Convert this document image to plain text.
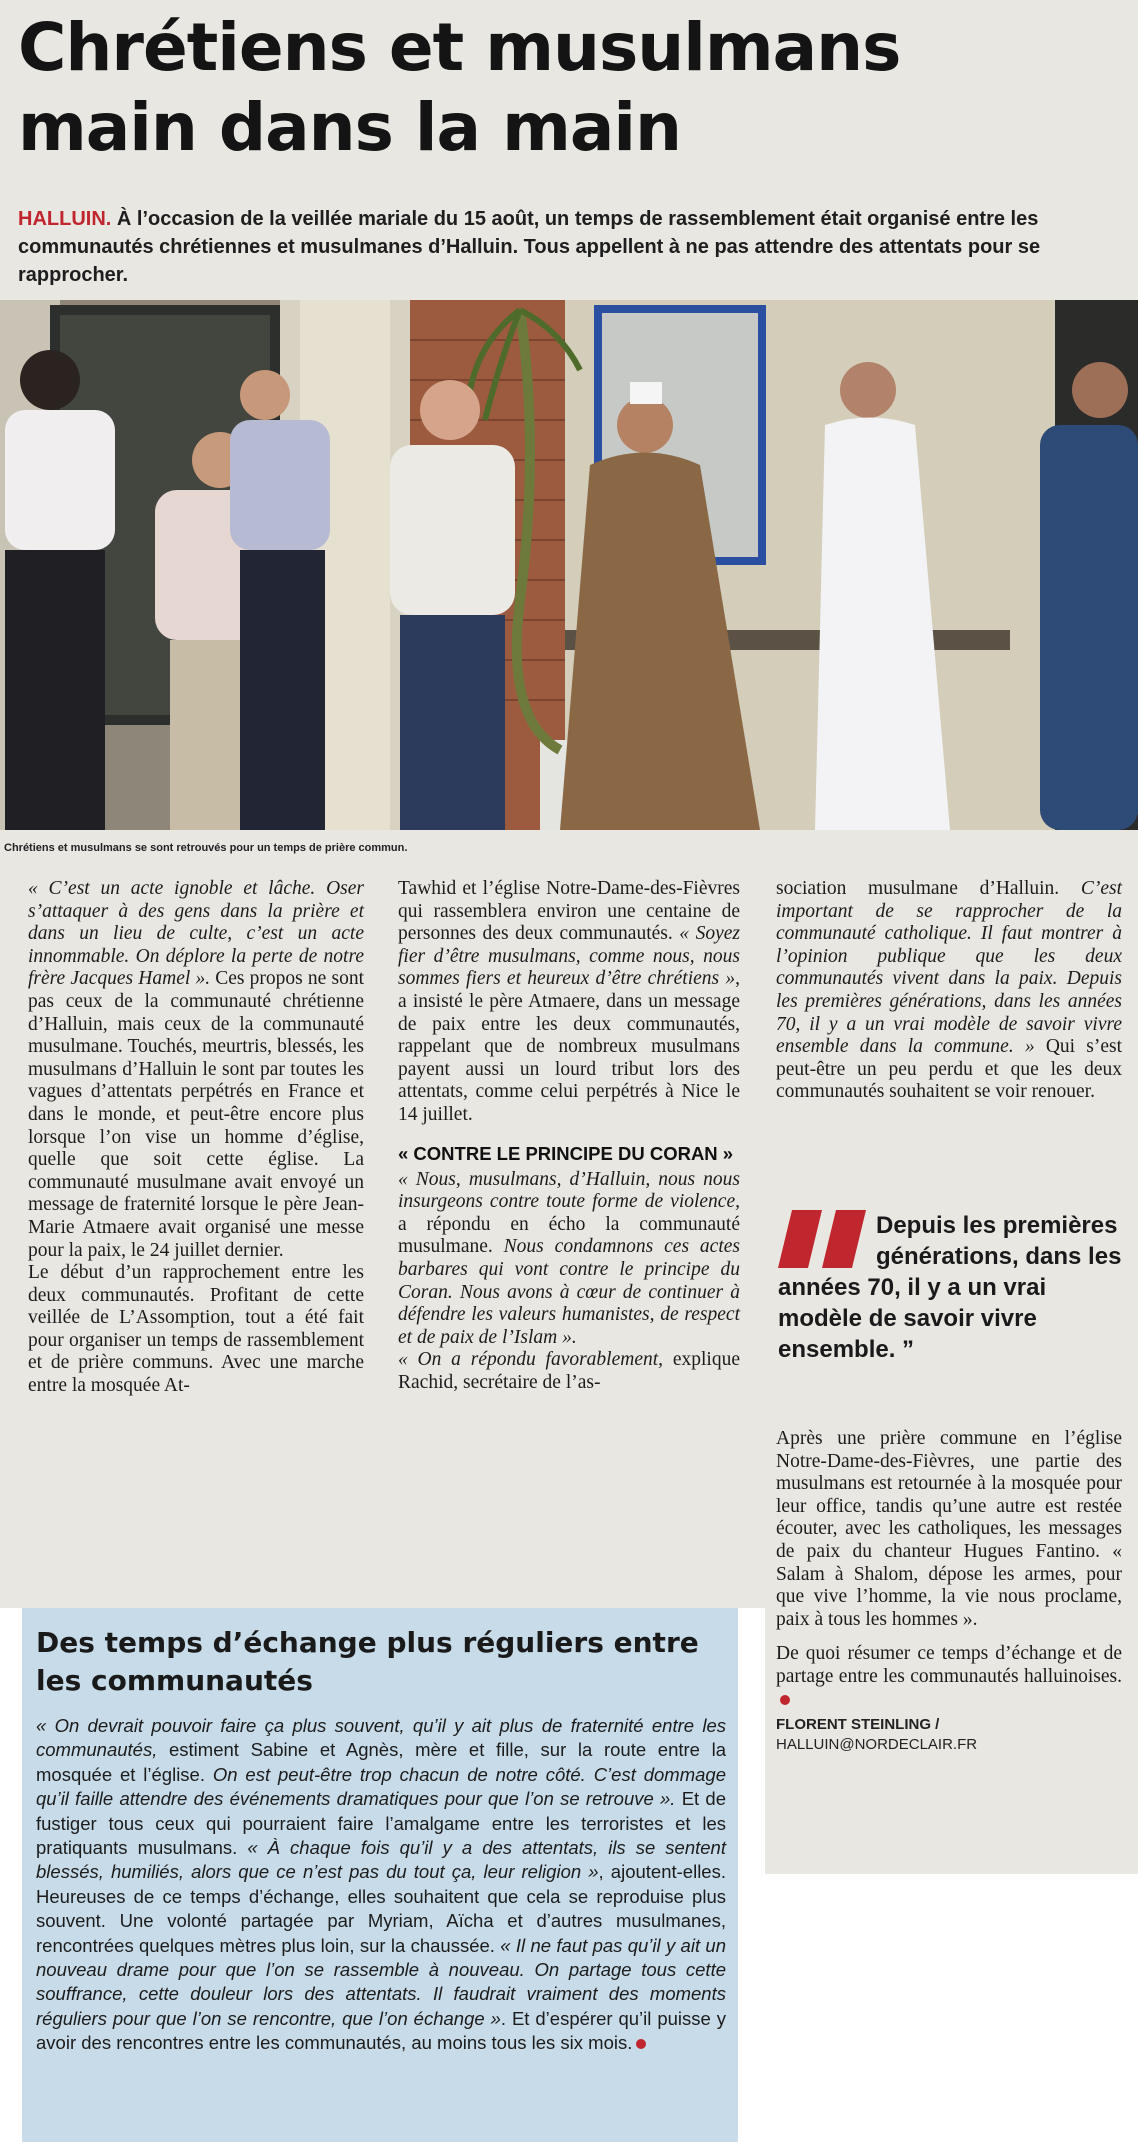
Chrétiens et musulmans
main dans la main
HALLUIN. À l’occasion de la veillée mariale du 15 août, un temps de rassemblement était organisé entre les communautés chrétiennes et musulmanes d’Halluin. Tous appellent à ne pas attendre des attentats pour se rapprocher.
Chrétiens et musulmans se sont retrouvés pour un temps de prière commun.

« C’est un acte ignoble et lâche. Oser s’attaquer à des gens dans la prière et dans un lieu de culte, c’est un acte innommable. On déplore la perte de notre frère Jacques Hamel ». Ces propos ne sont pas ceux de la communauté chrétienne d’Halluin, mais ceux de la communauté musulmane. Touchés, meurtris, blessés, les musulmans d’Halluin le sont par toutes les vagues d’attentats perpétrés en France et dans le monde, et peut-être encore plus lorsque l’on vise un homme d’église, quelle que soit cette église. La communauté musulmane avait envoyé un message de fraternité lorsque le père Jean-Marie Atmaere avait organisé une messe pour la paix, le 24 juillet dernier.

Le début d’un rapprochement entre les deux communautés. Profitant de cette veillée de L’Assomption, tout a été fait pour organiser un temps de rassemblement et de prière communs. Avec une marche entre la mosquée At-

Tawhid et l’église Notre-Dame-des-Fièvres qui rassemblera environ une centaine de personnes des deux communautés. « Soyez fier d’être musulmans, comme nous, nous sommes fiers et heureux d’être chrétiens », a insisté le père Atmaere, dans un message de paix entre les deux communautés, rappelant que de nombreux musulmans payent aussi un lourd tribut lors des attentats, comme celui perpétrés à Nice le 14 juillet.

« CONTRE LE PRINCIPE DU CORAN »

« Nous, musulmans, d’Halluin, nous nous insurgeons contre toute forme de violence, a répondu en écho la communauté musulmane. Nous condamnons ces actes barbares qui vont contre le principe du Coran. Nous avons à cœur de continuer à défendre les valeurs humanistes, de respect et de paix de l’Islam ».

« On a répondu favorablement, explique Rachid, secrétaire de l’as-

sociation musulmane d’Halluin. C’est important de se rapprocher de la communauté catholique. Il faut montrer à l’opinion publique que les deux communautés vivent dans la paix. Depuis les premières générations, dans les années 70, il y a un vrai modèle de savoir vivre ensemble dans la commune. » Qui s’est peut-être un peu perdu et que les deux communautés souhaitent se voir renouer.

Depuis les premières générations, dans les années 70, il y a un vrai modèle de savoir vivre ensemble. ”

Après une prière commune en l’église Notre-Dame-des-Fièvres, une partie des musulmans est retournée à la mosquée pour leur office, tandis qu’une autre est restée écouter, avec les catholiques, les messages de paix du chanteur Hugues Fantino. « Salam à Shalom, dépose les armes, pour que vive l’homme, la vie nous proclame, paix à tous les hommes ».

De quoi résumer ce temps d’échange et de partage entre les communautés halluinoises.

FLORENT STEINLING /
HALLUIN@NORDECLAIR.FR
Des temps d’échange plus réguliers entre les communautés
« On devrait pouvoir faire ça plus souvent, qu’il y ait plus de fraternité entre les communautés, estiment Sabine et Agnès, mère et fille, sur la route entre la mosquée et l’église. On est peut-être trop chacun de notre côté. C’est dommage qu’il faille attendre des événements dramatiques pour que l’on se retrouve ». Et de fustiger tous ceux qui pourraient faire l’amalgame entre les terroristes et les pratiquants musulmans. « À chaque fois qu’il y a des attentats, ils se sentent blessés, humiliés, alors que ce n’est pas du tout ça, leur religion », ajoutent-elles. Heureuses de ce temps d’échange, elles souhaitent que cela se reproduise plus souvent. Une volonté partagée par Myriam, Aïcha et d’autres musulmanes, rencontrées quelques mètres plus loin, sur la chaussée. « Il ne faut pas qu’il y ait un nouveau drame pour que l’on se rassemble à nouveau. On partage tous cette souffrance, cette douleur lors des attentats. Il faudrait vraiment des moments réguliers pour que l’on se rencontre, que l’on échange ». Et d’espérer qu’il puisse y avoir des rencontres entre les communautés, au moins tous les six mois.
